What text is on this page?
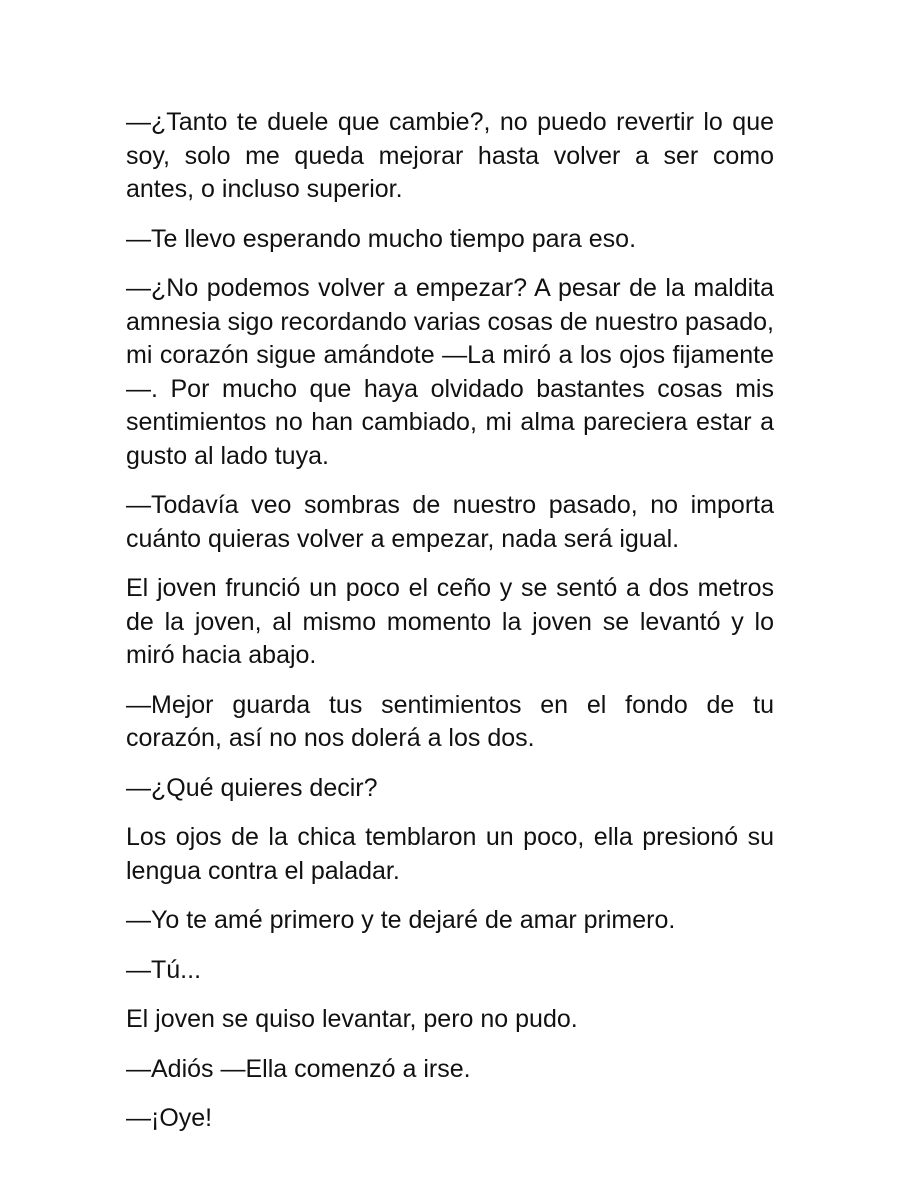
—¿Tanto te duele que cambie?, no puedo revertir lo que soy, solo me queda mejorar hasta volver a ser como antes, o incluso superior.

—Te llevo esperando mucho tiempo para eso.

—¿No podemos volver a empezar? A pesar de la maldita amnesia sigo recordando varias cosas de nuestro pasado, mi corazón sigue amándote —La miró a los ojos fijamente—. Por mucho que haya olvidado bastantes cosas mis sentimientos no han cambiado, mi alma pareciera estar a gusto al lado tuya.

—Todavía veo sombras de nuestro pasado, no importa cuánto quieras volver a empezar, nada será igual.

El joven frunció un poco el ceño y se sentó a dos metros de la joven, al mismo momento la joven se levantó y lo miró hacia abajo.

—Mejor guarda tus sentimientos en el fondo de tu corazón, así no nos dolerá a los dos.

—¿Qué quieres decir?

Los ojos de la chica temblaron un poco, ella presionó su lengua contra el paladar.

—Yo te amé primero y te dejaré de amar primero.

—Tú...

El joven se quiso levantar, pero no pudo.

—Adiós —Ella comenzó a irse.

—¡Oye!
